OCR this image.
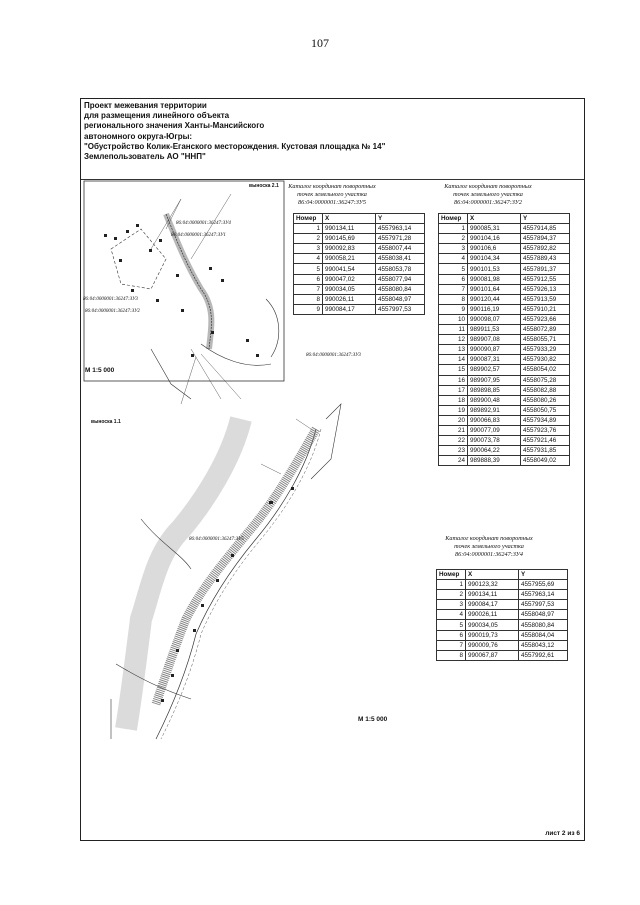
107
Проект межевания территории
для размещения линейного объекта
регионального значения Ханты-Мансийского
автономного округа-Югры:
"Обустройство Колик-Еганского месторождения. Кустовая площадка № 14"
Землепользователь АО "ННП"
выноска 2.1
86:04:0000001:36247:ЗУ4
86:04:0000001:36247:ЗУ1
86:04:0000001:36247:ЗУ3
86:04:0000001:36247:ЗУ2
М 1:5 000
выноска 1.1
86:04:0000001:36247:ЗУ5
М 1:5 000
Каталог координат поворотных
точек земельного участка
86:04:0000001:36247:ЗУ5
Номер	X	Y
1	990134,11	4557963,14
2	990145,69	4557971,28
3	990092,83	4558007,44
4	990058,21	4558038,41
5	990041,54	4558053,78
6	990047,02	4558077,94
7	990034,05	4558080,84
8	990026,11	4558048,97
9	990084,17	4557997,53
86:04:0000001:36247:ЗУ3
Каталог координат поворотных
точек земельного участка
86:04:0000001:36247:ЗУ2
Номер	X	Y
1	990085,31	4557914,85
2	990104,16	4557894,37
3	990106,6	4557892,82
4	990104,34	4557889,43
5	990101,53	4557891,37
6	990081,98	4557912,55
7	990101,64	4557926,13
8	990120,44	4557913,59
9	990116,19	4557910,21
10	990098,07	4557923,66
11	989911,53	4558072,89
12	989907,08	4558055,71
13	990090,87	4557933,29
14	990087,31	4557930,82
15	989902,57	4558054,02
16	989907,95	4558075,28
17	989898,85	4558082,88
18	989900,48	4558080,26
19	989892,91	4558050,75
20	990066,83	4557934,89
21	990077,09	4557923,76
22	990073,78	4557921,46
23	990064,22	4557931,85
24	989888,39	4558049,02
Каталог координат поворотных
точек земельного участка
86:04:0000001:36247:ЗУ4
Номер	X	Y
1	990123,32	4557955,69
2	990134,11	4557963,14
3	990084,17	4557997,53
4	990026,11	4558048,97
5	990034,05	4558080,84
6	990019,73	4558084,04
7	990009,76	4558043,12
8	990067,87	4557992,61
лист 2 из 6
